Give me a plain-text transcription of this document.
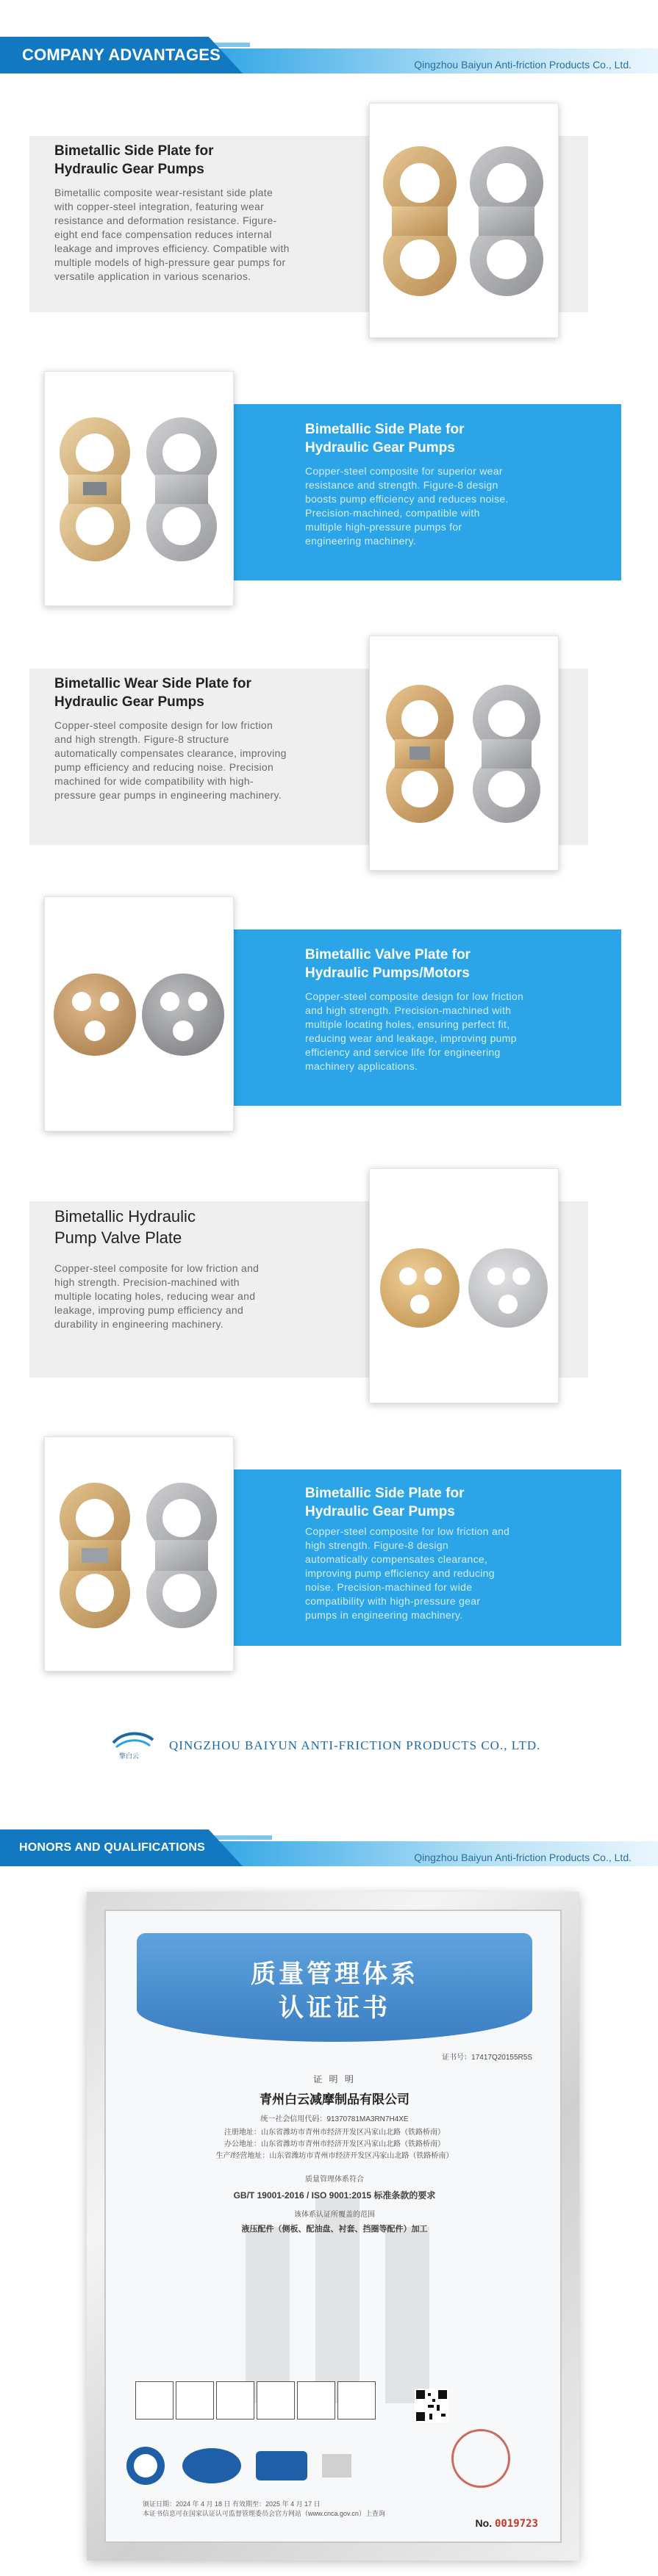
COMPANY ADVANTAGES
Qingzhou Baiyun Anti-friction Products Co., Ltd.
Bimetallic Side Plate for
Hydraulic Gear Pumps
Bimetallic composite wear-resistant side plate
with copper-steel integration, featuring wear
resistance and deformation resistance. Figure-
eight end face compensation reduces internal
leakage and improves efficiency. Compatible with
multiple models of high-pressure gear pumps for
versatile application in various scenarios.
Bimetallic Side Plate for
Hydraulic Gear Pumps
Copper-steel composite for superior wear
resistance and strength. Figure-8 design
boosts pump efficiency and reduces noise.
Precision-machined, compatible with
multiple high-pressure pumps for
engineering machinery.
Bimetallic Wear Side Plate for
Hydraulic Gear Pumps
Copper-steel composite design for low friction
and high strength. Figure-8 structure
automatically compensates clearance, improving
pump efficiency and reducing noise. Precision
machined for wide compatibility with high-
pressure gear pumps in engineering machinery.
Bimetallic Valve Plate for
Hydraulic Pumps/Motors
Copper-steel composite design for low friction
and high strength. Precision-machined with
multiple locating holes, ensuring perfect fit,
reducing wear and leakage, improving pump
efficiency and service life for engineering
machinery applications.
Bimetallic Hydraulic
Pump Valve Plate
Copper-steel composite for low friction and
high strength. Precision-machined with
multiple locating holes, reducing wear and
leakage, improving pump efficiency and
durability in engineering machinery.
Bimetallic Side Plate for
Hydraulic Gear Pumps
Copper-steel composite for low friction and
high strength. Figure-8 design
automatically compensates clearance,
improving pump efficiency and reducing
noise. Precision-machined for wide
compatibility with high-pressure gear
pumps in engineering machinery.
擎白云
QINGZHOU BAIYUN ANTI-FRICTION PRODUCTS CO., LTD.
HONORS AND QUALIFICATIONS
Qingzhou Baiyun Anti-friction Products Co., Ltd.
质量管理体系
认证证书
证书号：17417Q20155R5S
证 明 明
青州白云减摩制品有限公司
统一社会信用代码：91370781MA3RN7H4XE
注册地址：山东省潍坊市青州市经济开发区冯家山北路（铁路桥南）
办公地址：山东省潍坊市青州市经济开发区冯家山北路（铁路桥南）
生产/经营地址：山东省潍坊市青州市经济开发区冯家山北路（铁路桥南）
质量管理体系符合
GB/T 19001-2016 / ISO 9001:2015 标准条款的要求
该体系认证所覆盖的范围
液压配件（侧板、配油盘、衬套、挡圈等配件）加工
颁证日期：2024 年 4 月 18 日 有效期至：2025 年 4 月 17 日
本证书信息可在国家认证认可监督管理委员会官方网站（www.cnca.gov.cn）上查询
No. 0019723
